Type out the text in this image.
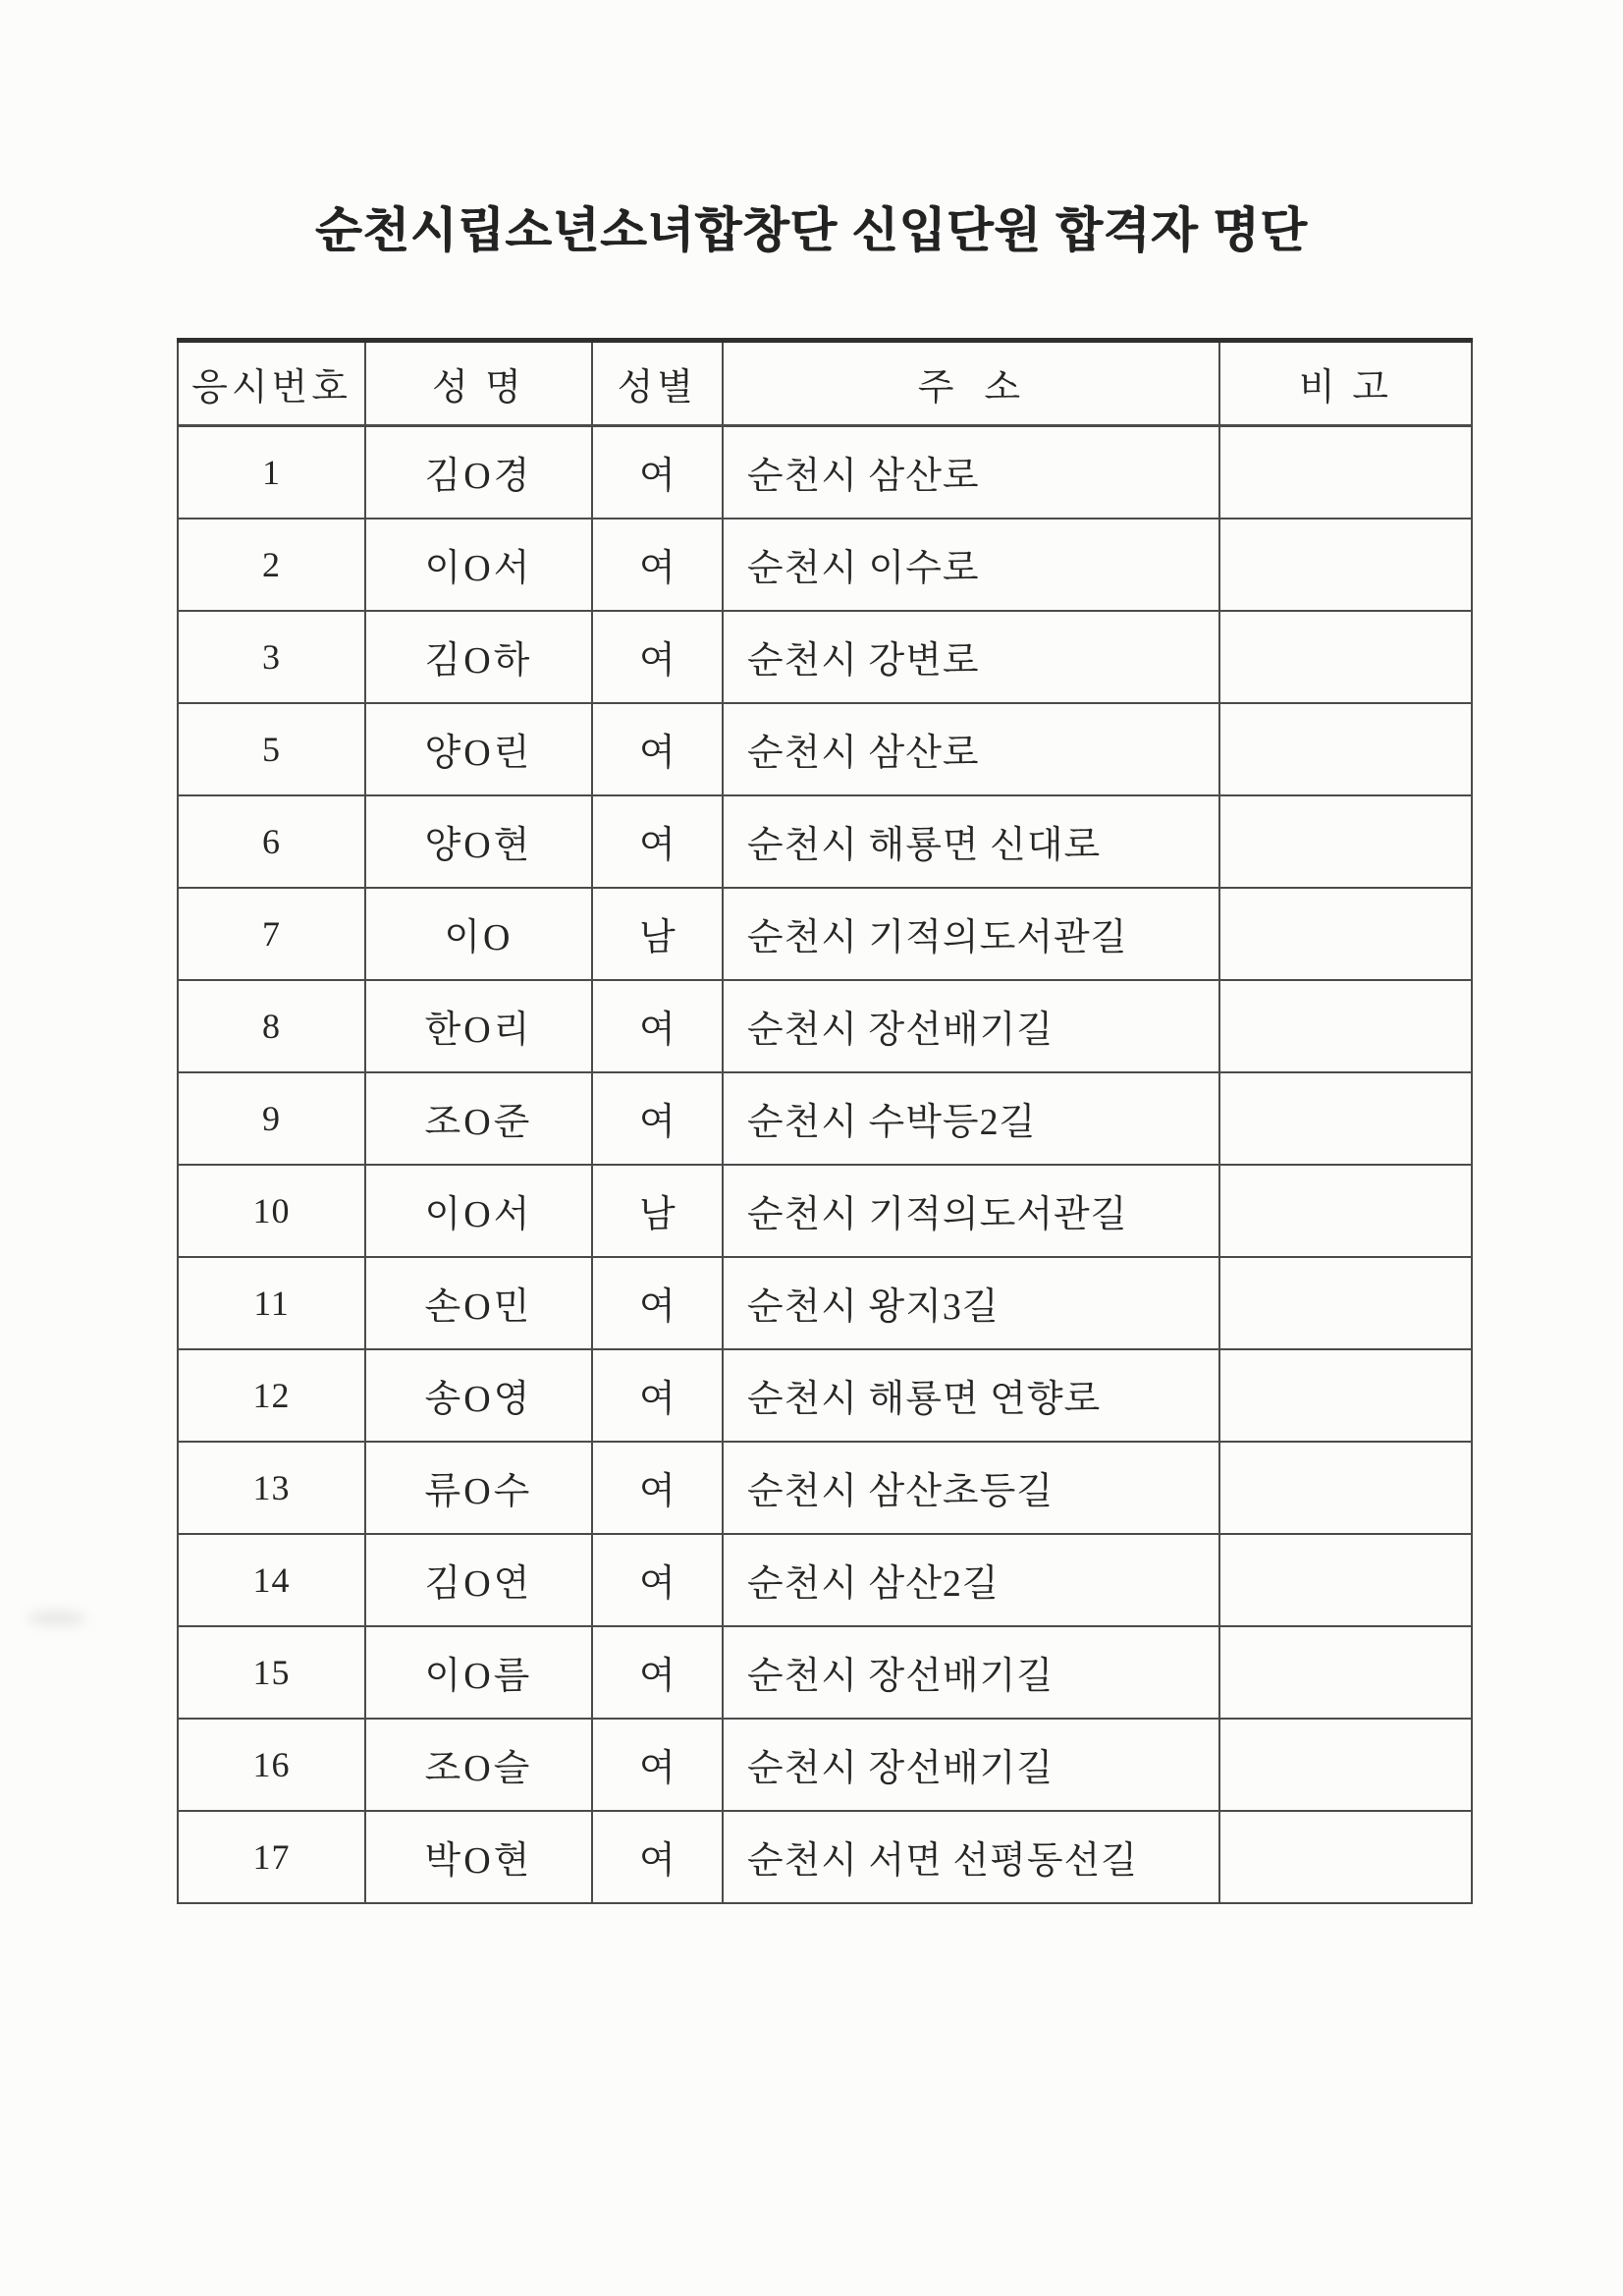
순천시립소년소녀합창단 신입단원 합격자 명단
응시번호	성 명	성별	주  소	비 고
1	김O경	여	순천시 삼산로	
2	이O서	여	순천시 이수로	
3	김O하	여	순천시 강변로	
5	양O린	여	순천시 삼산로	
6	양O현	여	순천시 해룡면 신대로	
7	이O	남	순천시 기적의도서관길	
8	한O리	여	순천시 장선배기길	
9	조O준	여	순천시 수박등2길	
10	이O서	남	순천시 기적의도서관길	
11	손O민	여	순천시 왕지3길	
12	송O영	여	순천시 해룡면 연향로	
13	류O수	여	순천시 삼산초등길	
14	김O연	여	순천시 삼산2길	
15	이O름	여	순천시 장선배기길	
16	조O슬	여	순천시 장선배기길	
17	박O현	여	순천시 서면 선평동선길	
